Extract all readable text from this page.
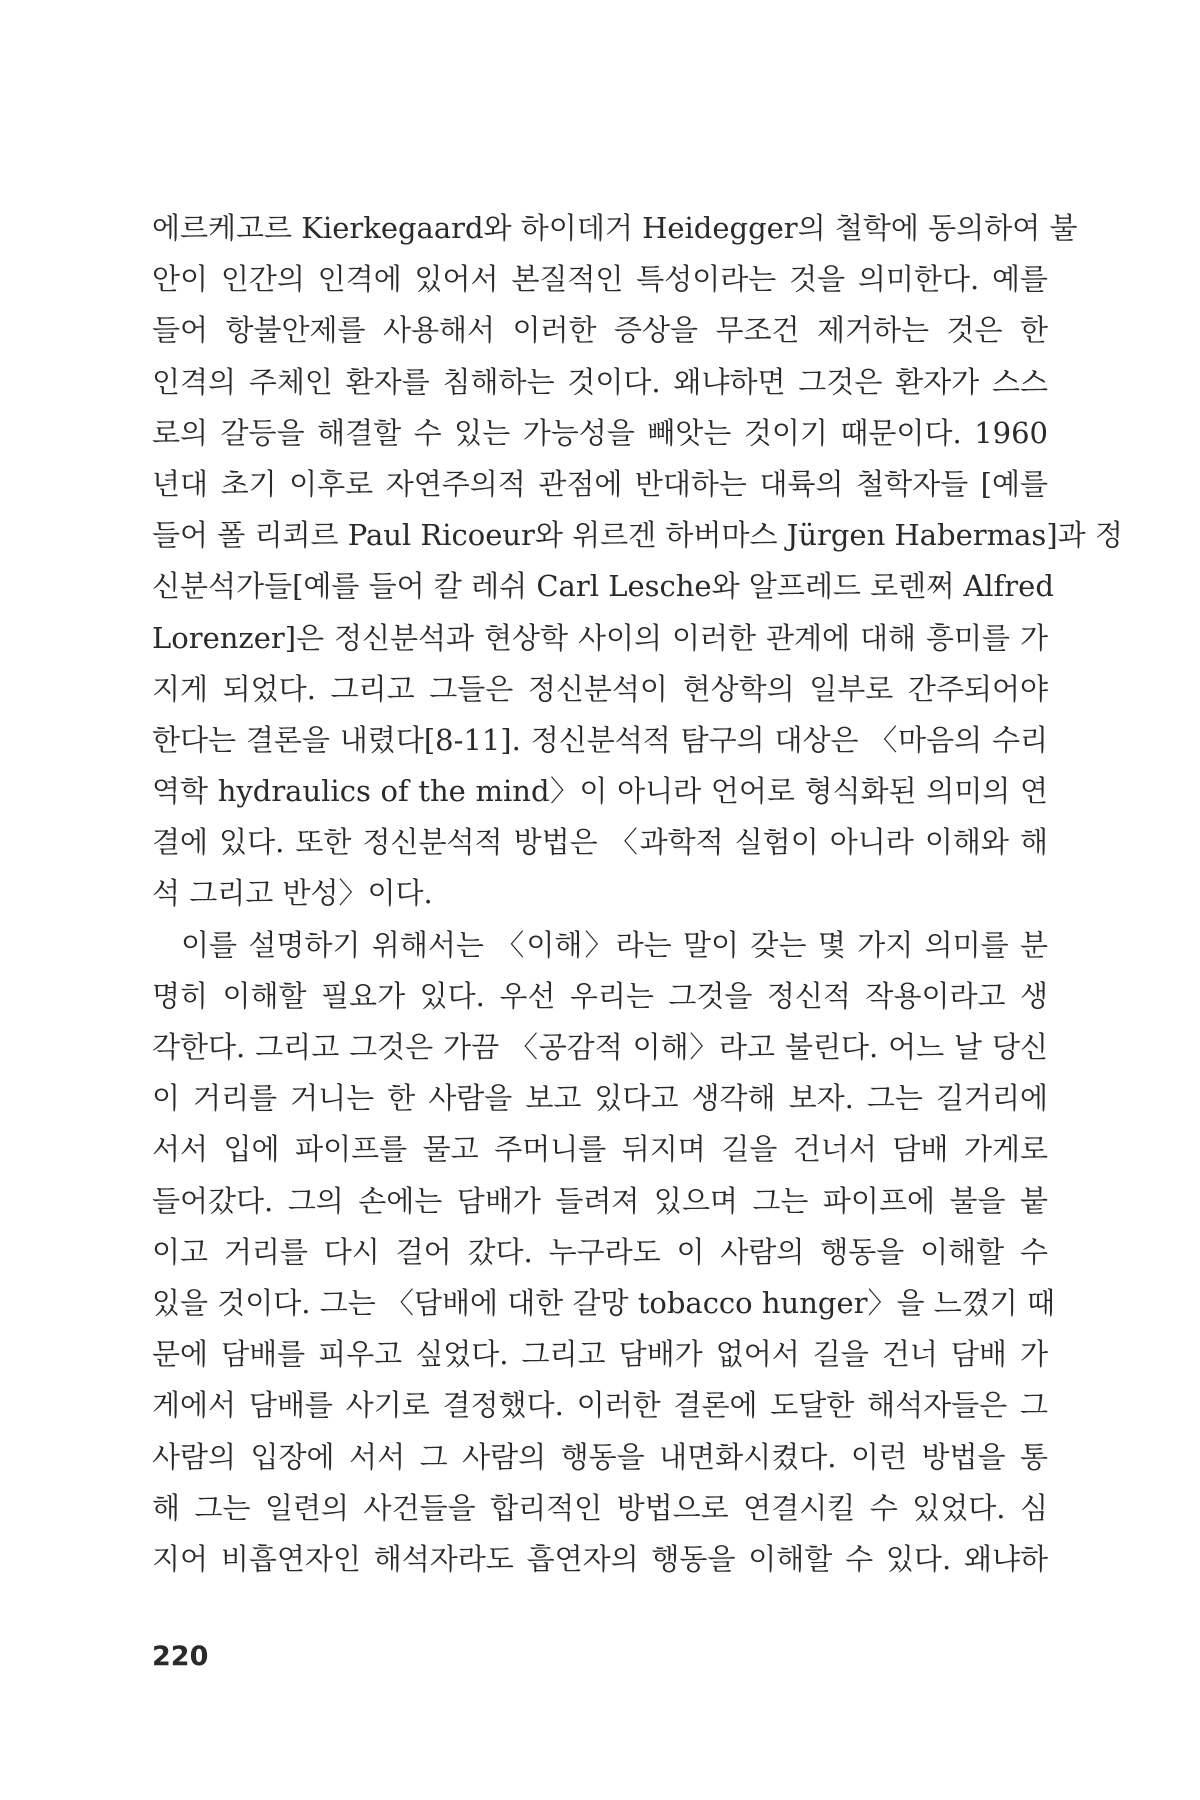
에르케고르 Kierkegaard와 하이데거 Heidegger의 철학에 동의하여 불
안이 인간의 인격에 있어서 본질적인 특성이라는 것을 의미한다. 예를
들어 항불안제를 사용해서 이러한 증상을 무조건 제거하는 것은 한
인격의 주체인 환자를 침해하는 것이다. 왜냐하면 그것은 환자가 스스
로의 갈등을 해결할 수 있는 가능성을 빼앗는 것이기 때문이다. 1960
년대 초기 이후로 자연주의적 관점에 반대하는 대륙의 철학자들 [예를
들어 폴 리쾨르 Paul Ricoeur와 위르겐 하버마스 Jürgen Habermas]과 정
신분석가들[예를 들어 칼 레쉬 Carl Lesche와 알프레드 로렌쩌 Alfred
Lorenzer]은 정신분석과 현상학 사이의 이러한 관계에 대해 흥미를 가
지게 되었다. 그리고 그들은 정신분석이 현상학의 일부로 간주되어야
한다는 결론을 내렸다[8-11]. 정신분석적 탐구의 대상은 〈마음의 수리
역학 hydraulics of the mind〉이 아니라 언어로 형식화된 의미의 연
결에 있다. 또한 정신분석적 방법은 〈과학적 실험이 아니라 이해와 해
석 그리고 반성〉이다.
이를 설명하기 위해서는 〈이해〉라는 말이 갖는 몇 가지 의미를 분
명히 이해할 필요가 있다. 우선 우리는 그것을 정신적 작용이라고 생
각한다. 그리고 그것은 가끔 〈공감적 이해〉라고 불린다. 어느 날 당신
이 거리를 거니는 한 사람을 보고 있다고 생각해 보자. 그는 길거리에
서서 입에 파이프를 물고 주머니를 뒤지며 길을 건너서 담배 가게로
들어갔다. 그의 손에는 담배가 들려져 있으며 그는 파이프에 불을 붙
이고 거리를 다시 걸어 갔다. 누구라도 이 사람의 행동을 이해할 수
있을 것이다. 그는 〈담배에 대한 갈망 tobacco hunger〉을 느꼈기 때
문에 담배를 피우고 싶었다. 그리고 담배가 없어서 길을 건너 담배 가
게에서 담배를 사기로 결정했다. 이러한 결론에 도달한 해석자들은 그
사람의 입장에 서서 그 사람의 행동을 내면화시켰다. 이런 방법을 통
해 그는 일련의 사건들을 합리적인 방법으로 연결시킬 수 있었다. 심
지어 비흡연자인 해석자라도 흡연자의 행동을 이해할 수 있다. 왜냐하
220
